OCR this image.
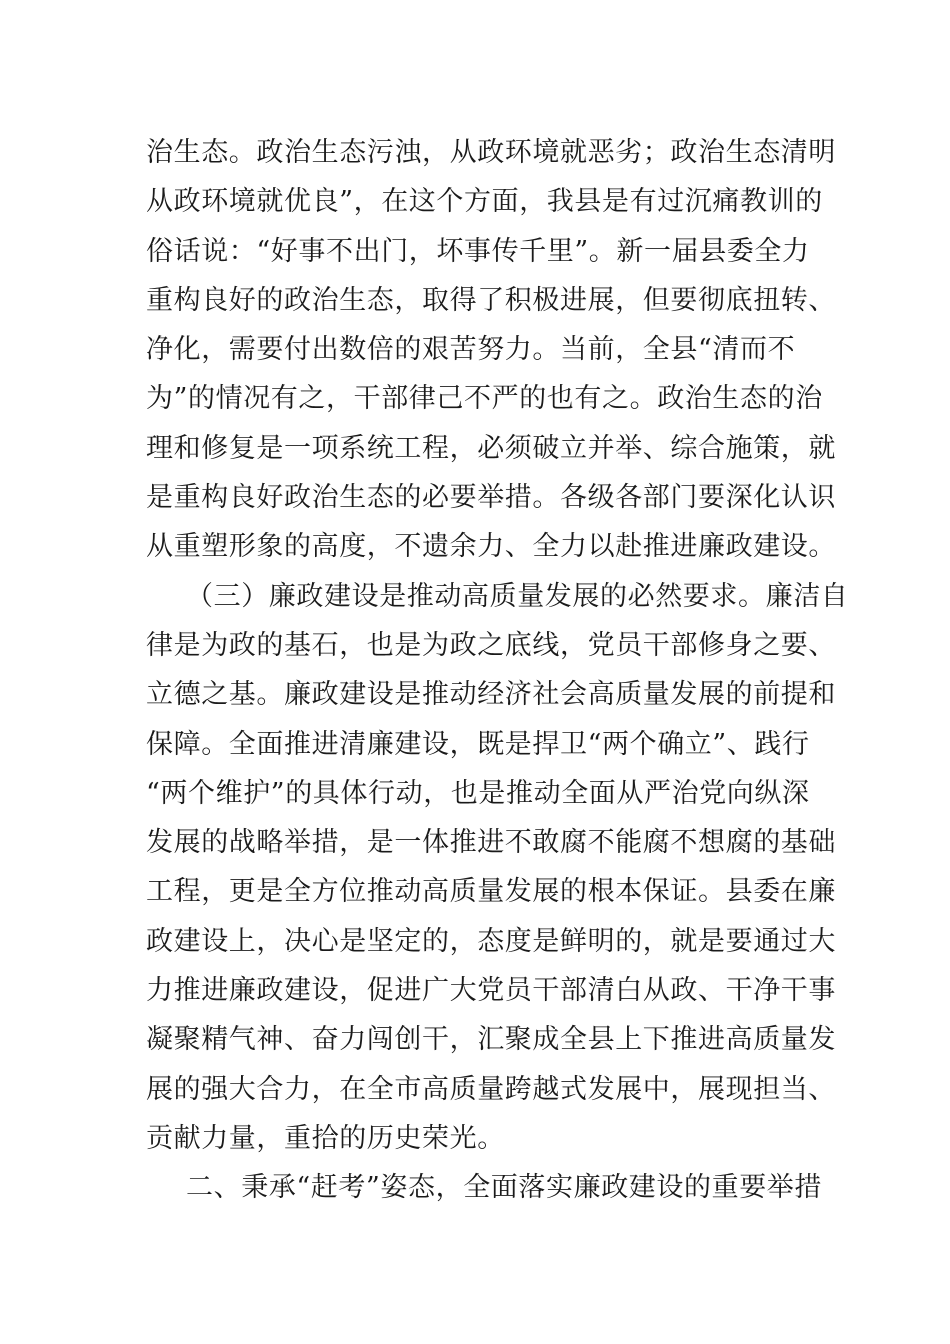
治生态。政治生态污浊，从政环境就恶劣；政治生态清明
从政环境就优良”，在这个方面，我县是有过沉痛教训的
俗话说：“好事不出门，坏事传千里”。新一届县委全力
重构良好的政治生态，取得了积极进展，但要彻底扭转、
净化，需要付出数倍的艰苦努力。当前，全县“清而不
为”的情况有之，干部律己不严的也有之。政治生态的治
理和修复是一项系统工程，必须破立并举、综合施策，就
是重构良好政治生态的必要举措。各级各部门要深化认识
从重塑形象的高度，不遗余力、全力以赴推进廉政建设。
（三）廉政建设是推动高质量发展的必然要求。廉洁自
律是为政的基石，也是为政之底线，党员干部修身之要、
立德之基。廉政建设是推动经济社会高质量发展的前提和
保障。全面推进清廉建设，既是捍卫“两个确立”、践行
“两个维护”的具体行动，也是推动全面从严治党向纵深
发展的战略举措，是一体推进不敢腐不能腐不想腐的基础
工程，更是全方位推动高质量发展的根本保证。县委在廉
政建设上，决心是坚定的，态度是鲜明的，就是要通过大
力推进廉政建设，促进广大党员干部清白从政、干净干事
凝聚精气神、奋力闯创干，汇聚成全县上下推进高质量发
展的强大合力，在全市高质量跨越式发展中，展现担当、
贡献力量，重拾的历史荣光。
二、秉承“赶考”姿态，全面落实廉政建设的重要举措
